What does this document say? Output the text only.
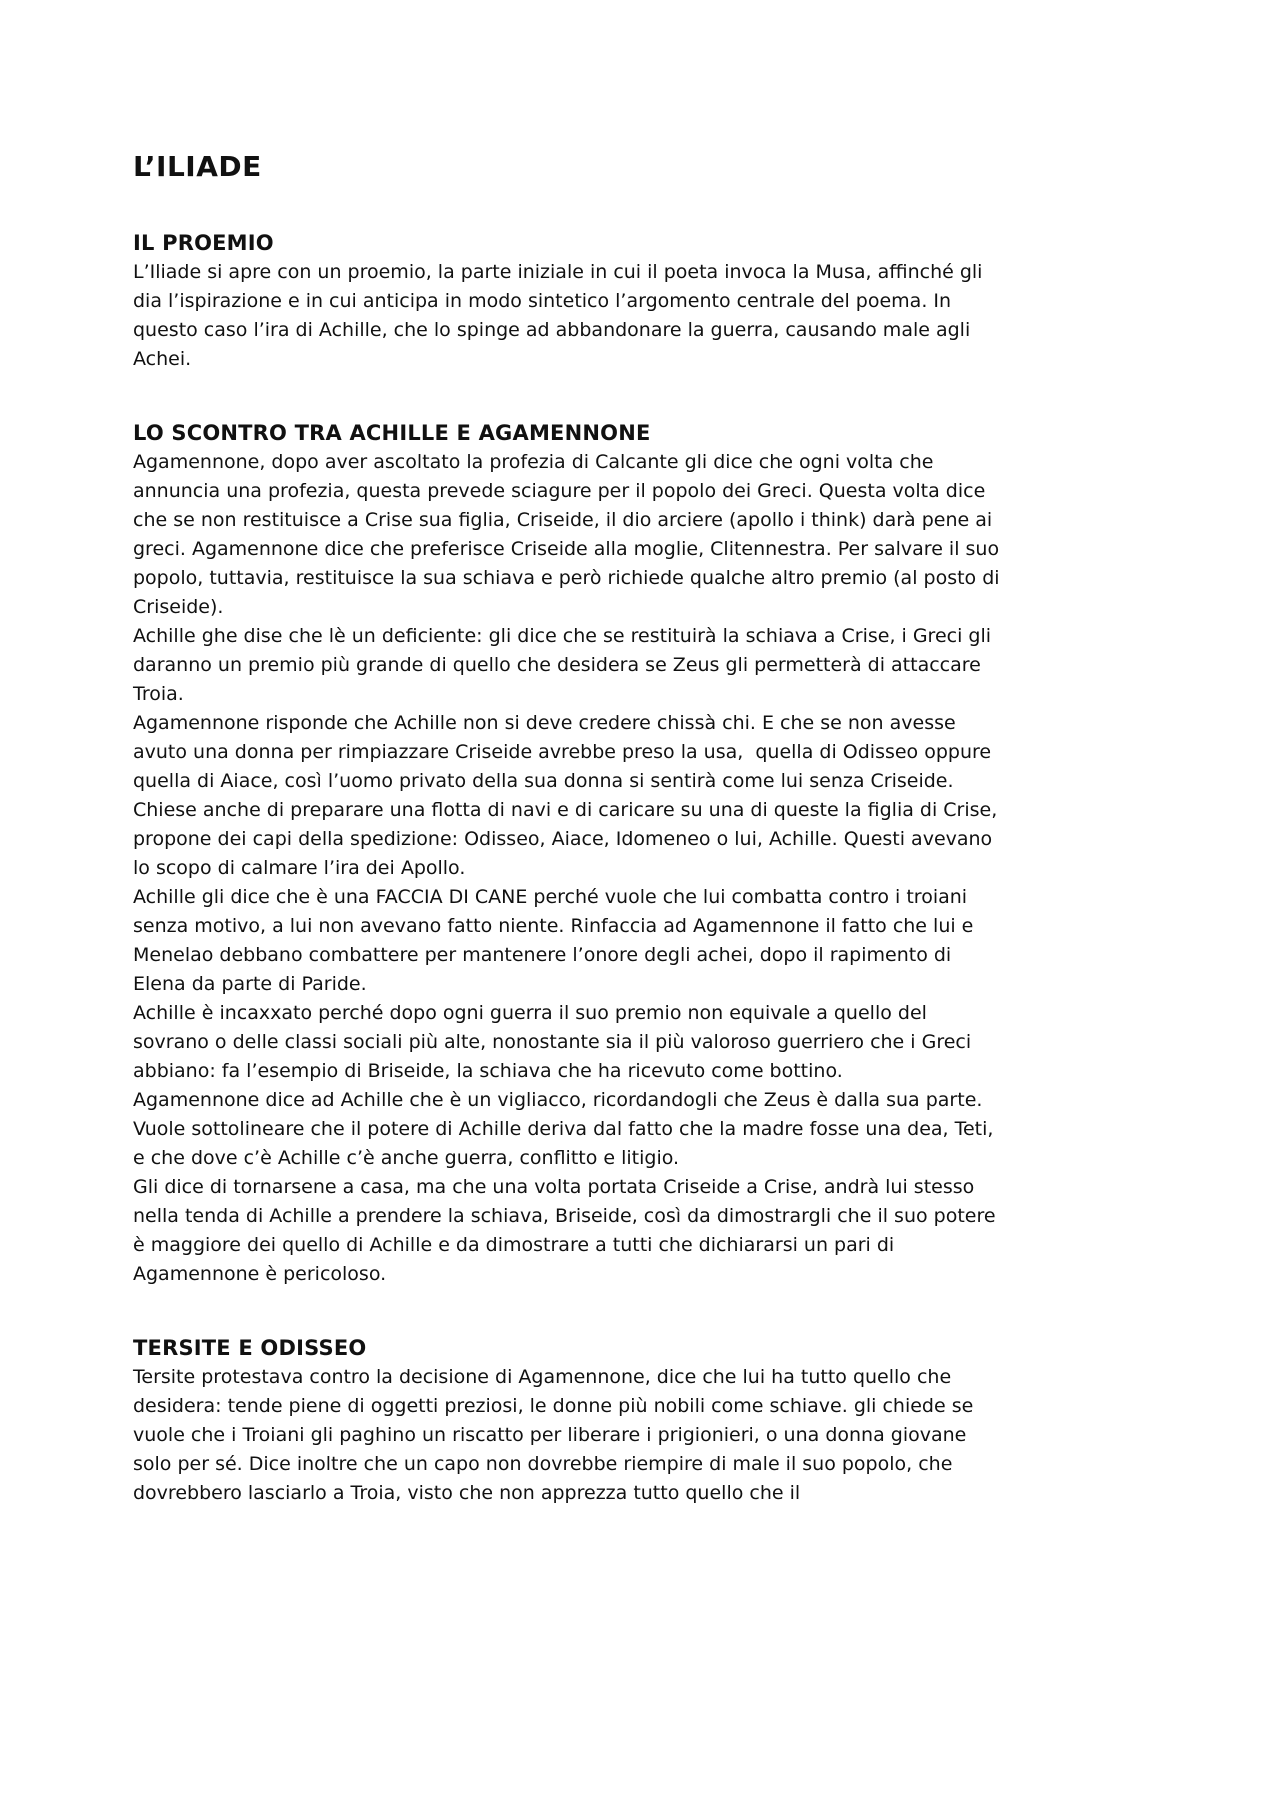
L’ILIADE
IL PROEMIO

L’Iliade si apre con un proemio, la parte iniziale in cui il poeta invoca la Musa, affinché gli dia l’ispirazione e in cui anticipa in modo sintetico l’argomento centrale del poema. In questo caso l’ira di Achille, che lo spinge ad abbandonare la guerra, causando male agli Achei.

LO SCONTRO TRA ACHILLE E AGAMENNONE

Agamennone, dopo aver ascoltato la profezia di Calcante gli dice che ogni volta che annuncia una profezia, questa prevede sciagure per il popolo dei Greci. Questa volta dice che se non restituisce a Crise sua figlia, Criseide, il dio arciere (apollo i think) darà pene ai greci. Agamennone dice che preferisce Criseide alla moglie, Clitennestra. Per salvare il suo popolo, tuttavia, restituisce la sua schiava e però richiede qualche altro premio (al posto di Criseide).

Achille ghe dise che lè un deficiente: gli dice che se restituirà la schiava a Crise, i Greci gli daranno un premio più grande di quello che desidera se Zeus gli permetterà di attaccare Troia.

Agamennone risponde che Achille non si deve credere chissà chi. E che se non avesse avuto una donna per rimpiazzare Criseide avrebbe preso la usa,  quella di Odisseo oppure quella di Aiace, così l’uomo privato della sua donna si sentirà come lui senza Criseide.

Chiese anche di preparare una flotta di navi e di caricare su una di queste la figlia di Crise, propone dei capi della spedizione: Odisseo, Aiace, Idomeneo o lui, Achille. Questi avevano lo scopo di calmare l’ira dei Apollo.

Achille gli dice che è una FACCIA DI CANE perché vuole che lui combatta contro i troiani senza motivo, a lui non avevano fatto niente. Rinfaccia ad Agamennone il fatto che lui e Menelao debbano combattere per mantenere l’onore degli achei, dopo il rapimento di Elena da parte di Paride.

Achille è incaxxato perché dopo ogni guerra il suo premio non equivale a quello del sovrano o delle classi sociali più alte, nonostante sia il più valoroso guerriero che i Greci abbiano: fa l’esempio di Briseide, la schiava che ha ricevuto come bottino.

Agamennone dice ad Achille che è un vigliacco, ricordandogli che Zeus è dalla sua parte. Vuole sottolineare che il potere di Achille deriva dal fatto che la madre fosse una dea, Teti, e che dove c’è Achille c’è anche guerra, conflitto e litigio.

Gli dice di tornarsene a casa, ma che una volta portata Criseide a Crise, andrà lui stesso nella tenda di Achille a prendere la schiava, Briseide, così da dimostrargli che il suo potere è maggiore dei quello di Achille e da dimostrare a tutti che dichiararsi un pari di Agamennone è pericoloso.

TERSITE E ODISSEO

Tersite protestava contro la decisione di Agamennone, dice che lui ha tutto quello che desidera: tende piene di oggetti preziosi, le donne più nobili come schiave. gli chiede se vuole che i Troiani gli paghino un riscatto per liberare i prigionieri, o una donna giovane solo per sé. Dice inoltre che un capo non dovrebbe riempire di male il suo popolo, che dovrebbero lasciarlo a Troia, visto che non apprezza tutto quello che il
